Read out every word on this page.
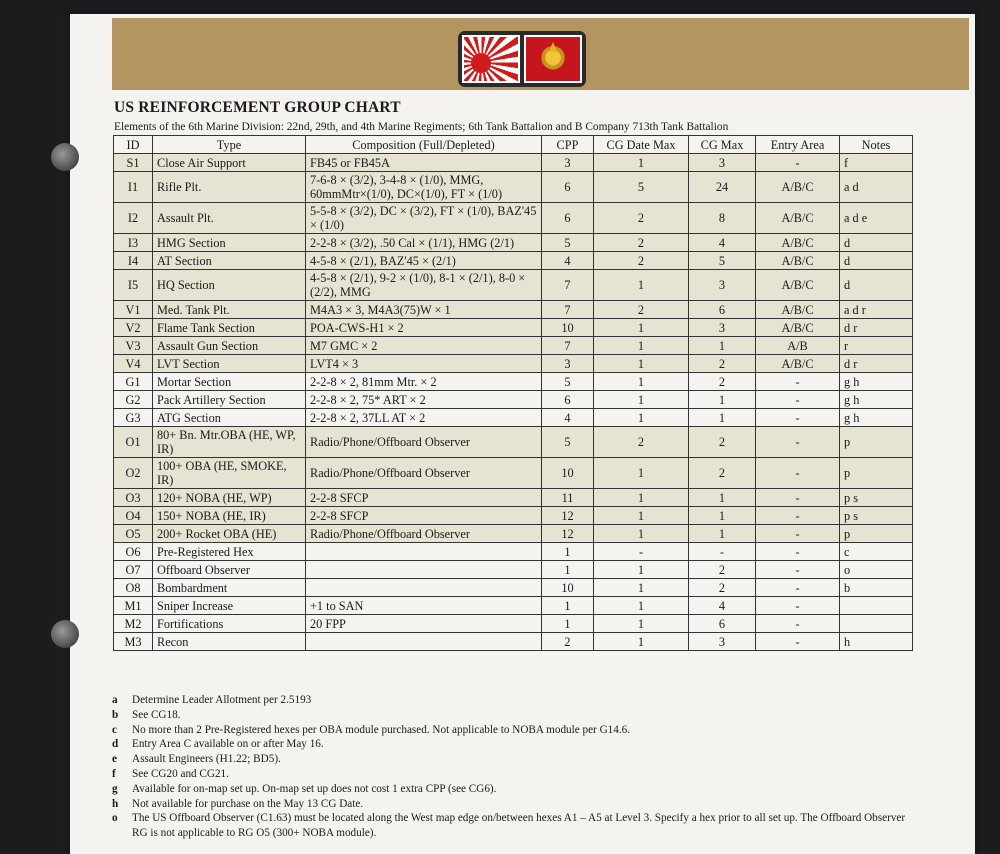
US REINFORCEMENT GROUP CHART

Elements of the 6th Marine Division: 22nd, 29th, and 4th Marine Regiments; 6th Tank Battalion and B Company 713th Tank Battalion

ID	Type	Composition (Full/Depleted)	CPP	CG Date Max	CG Max	Entry Area	Notes
S1	Close Air Support	FB45 or FB45A	3	1	3	-	f
I1	Rifle Plt.	7-6-8 × (3/2), 3-4-8 × (1/0), MMG, 60mmMtr×(1/0), DC×(1/0), FT × (1/0)	6	5	24	A/B/C	a d
I2	Assault Plt.	5-5-8 × (3/2), DC × (3/2), FT × (1/0), BAZ'45 × (1/0)	6	2	8	A/B/C	a d e
I3	HMG Section	2-2-8 × (3/2), .50 Cal × (1/1), HMG (2/1)	5	2	4	A/B/C	d
I4	AT Section	4-5-8 × (2/1), BAZ'45 × (2/1)	4	2	5	A/B/C	d
I5	HQ Section	4-5-8 × (2/1), 9-2 × (1/0), 8-1 × (2/1), 8-0 × (2/2), MMG	7	1	3	A/B/C	d
V1	Med. Tank Plt.	M4A3 × 3, M4A3(75)W × 1	7	2	6	A/B/C	a d r
V2	Flame Tank Section	POA-CWS-H1 × 2	10	1	3	A/B/C	d r
V3	Assault Gun Section	M7 GMC × 2	7	1	1	A/B	r
V4	LVT Section	LVT4 × 3	3	1	2	A/B/C	d r
G1	Mortar Section	2-2-8 × 2, 81mm Mtr. × 2	5	1	2	-	g h
G2	Pack Artillery Section	2-2-8 × 2, 75* ART × 2	6	1	1	-	g h
G3	ATG Section	2-2-8 × 2, 37LL AT × 2	4	1	1	-	g h
O1	80+ Bn. Mtr.OBA (HE, WP, IR)	Radio/Phone/Offboard Observer	5	2	2	-	p
O2	100+ OBA (HE, SMOKE, IR)	Radio/Phone/Offboard Observer	10	1	2	-	p
O3	120+ NOBA (HE, WP)	2-2-8 SFCP	11	1	1	-	p s
O4	150+ NOBA (HE, IR)	2-2-8 SFCP	12	1	1	-	p s
O5	200+ Rocket OBA (HE)	Radio/Phone/Offboard Observer	12	1	1	-	p
O6	Pre-Registered Hex		1	-	-	-	c
O7	Offboard Observer		1	1	2	-	o
O8	Bombardment		10	1	2	-	b
M1	Sniper Increase	+1 to SAN	1	1	4	-	
M2	Fortifications	20 FPP	1	1	6	-	
M3	Recon		2	1	3	-	h
a	Determine Leader Allotment per 2.5193
b	See CG18.
c	No more than 2 Pre-Registered hexes per OBA module purchased. Not applicable to NOBA module per G14.6.
d	Entry Area C available on or after May 16.
e	Assault Engineers (H1.22; BD5).
f	See CG20 and CG21.
g	Available for on-map set up. On-map set up does not cost 1 extra CPP (see CG6).
h	Not available for purchase on the May 13 CG Date.
o	The US Offboard Observer (C1.63) must be located along the West map edge on/between hexes A1 – A5 at Level 3. Specify a hex prior to all set up. The Offboard Observer RG is not applicable to RG O5 (300+ NOBA module).
